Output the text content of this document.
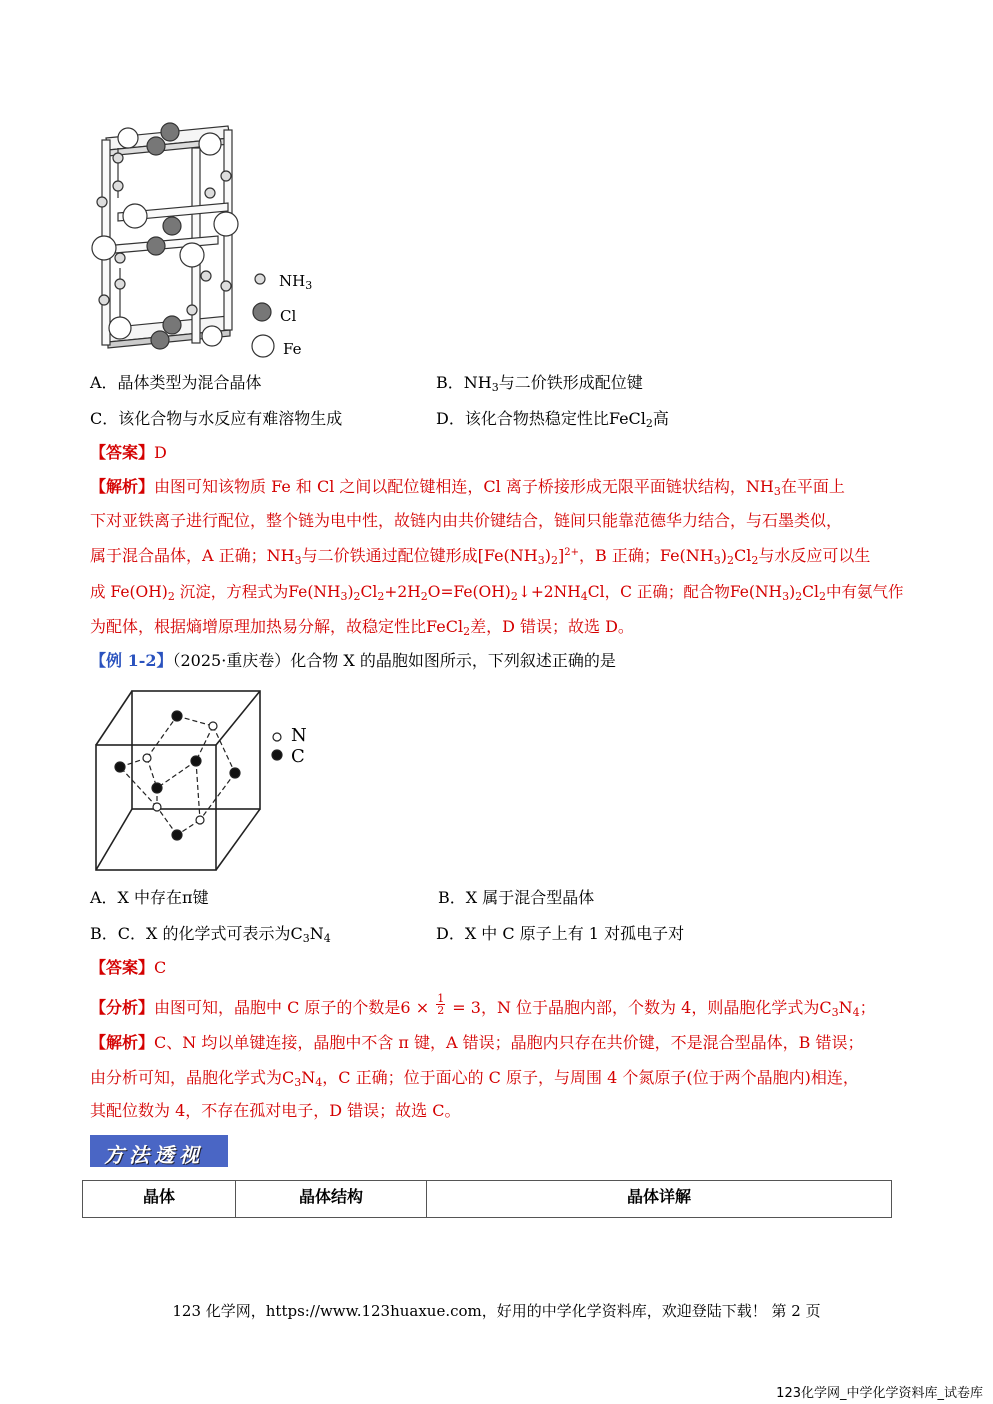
$NH_3$
Cl
Fe
A．晶体类型为混合晶体	B．$NH_3$与二价铁形成配位键
C．该化合物与水反应有难溶物生成	D．该化合物热稳定性比FeCl$_2$高
【答案】D
【解析】由图可知该物质 Fe 和 Cl 之间以配位键相连，Cl 离子桥接形成无限平面链状结构，$NH_3$在平面上
下对亚铁离子进行配位，整个链为电中性，故链内由共价键结合，链间只能靠范德华力结合，与石墨类似，
属于混合晶体，A 正确；$NH_3$与二价铁通过配位键形成$[Fe(NH_3)_2]^{2+}$，B 正确；$Fe(NH_3)_2Cl_2$与水反应可以生
成 $Fe(OH)_2$ 沉淀，方程式为$Fe(NH_3)_2Cl_2+2H_2O=Fe(OH)_2↓+2NH_4Cl$，C 正确；配合物$Fe(NH_3)_2Cl_2$中有氨气作
为配体，根据熵增原理加热易分解，故稳定性比FeCl$_2$差，D 错误；故选 D。
【例 1-2】（2025·重庆卷）化合物 X 的晶胞如图所示，下列叙述正确的是
N
C
A．X 中存在π键	B．X 属于混合型晶体
B．C．X 的化学式可表示为$C_3N_4$	D．X 中 C 原子上有 1 对孤电子对
【答案】C
【分析】由图可知，晶胞中 C 原子的个数是$6 \times \frac{1}{2} = 3$，N 位于晶胞内部，个数为 4，则晶胞化学式为$C_3N_4$；
【解析】C、N 均以单键连接，晶胞中不含 π 键，A 错误；晶胞内只存在共价键，不是混合型晶体，B 错误；
由分析可知，晶胞化学式为$C_3N_4$，C 正确；位于面心的 C 原子，与周围 4 个氮原子(位于两个晶胞内)相连，
其配位数为 4，不存在孤对电子，D 错误；故选 C。
方法透视
晶体	晶体结构	晶体详解
123 化学网，https://www.123huaxue.com，好用的中学化学资料库，欢迎登陆下载！ 第 2 页
123化学网_中学化学资料库_试卷库
